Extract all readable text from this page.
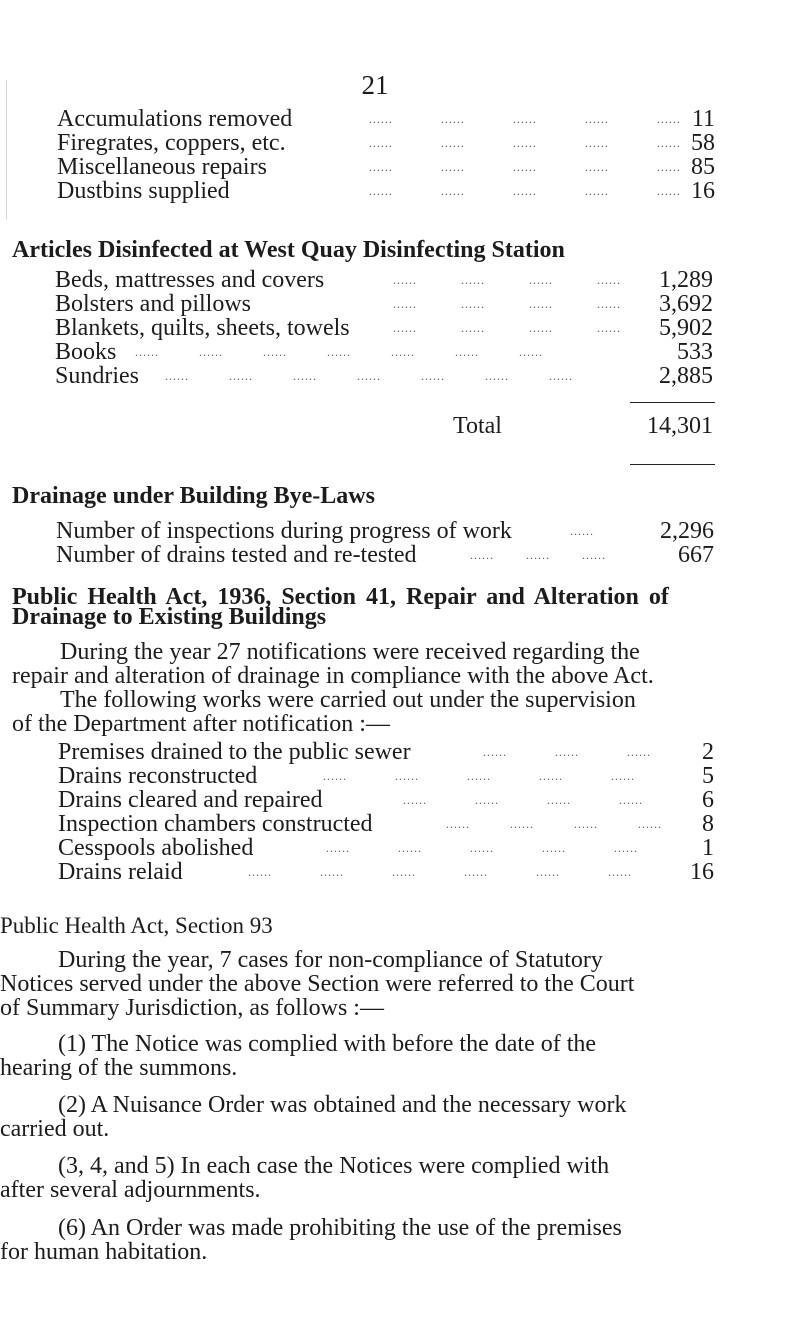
21
Accumulations removed	......            ......            ......            ......            ...... 11
Firegrates, coppers, etc.	......            ......            ......            ......            ...... 58
Miscellaneous repairs	......            ......            ......            ......            ...... 85
Dustbins supplied	......            ......            ......            ......            ...... 16
Articles Disinfected at West Quay Disinfecting Station
Beds, mattresses and covers	......           ......           ......           ......	1,289
Bolsters and pillows	......           ......           ......           ......	3,692
Blankets, quilts, sheets, towels	......           ......           ......           ......	5,902
Books ......          ......          ......          ......          ......          ......          ......	533
Sundries ......          ......          ......          ......          ......          ......          ......	2,885
Total	14,301
Drainage under Building Bye-Laws
Number of inspections during progress of work	......	2,296
Number of drains tested and re-tested	......        ......        ......	667
Public Health Act, 1936, Section 41, Repair and Alteration of
Drainage to Existing Buildings
During the year 27 notifications were received regarding the
repair and alteration of drainage in compliance with the above Act.
The following works were carried out under the supervision
of the Department after notification :—
Premises drained to the public sewer	......            ......            ......	2
Drains reconstructed	......            ......            ......            ......            ......	5
Drains cleared and repaired	......            ......            ......            ......	6
Inspection chambers constructed	......          ......          ......          ......	8
Cesspools abolished	......            ......            ......            ......            ......	1
Drains relaid	......            ......            ......            ......            ......            ......	16
Public Health Act, Section 93
During the year, 7 cases for non-compliance of Statutory
Notices served under the above Section were referred to the Court
of Summary Jurisdiction, as follows :—
(1) The Notice was complied with before the date of the
hearing of the summons.
(2) A Nuisance Order was obtained and the necessary work
carried out.
(3, 4, and 5) In each case the Notices were complied with
after several adjournments.
(6) An Order was made prohibiting the use of the premises
for human habitation.
